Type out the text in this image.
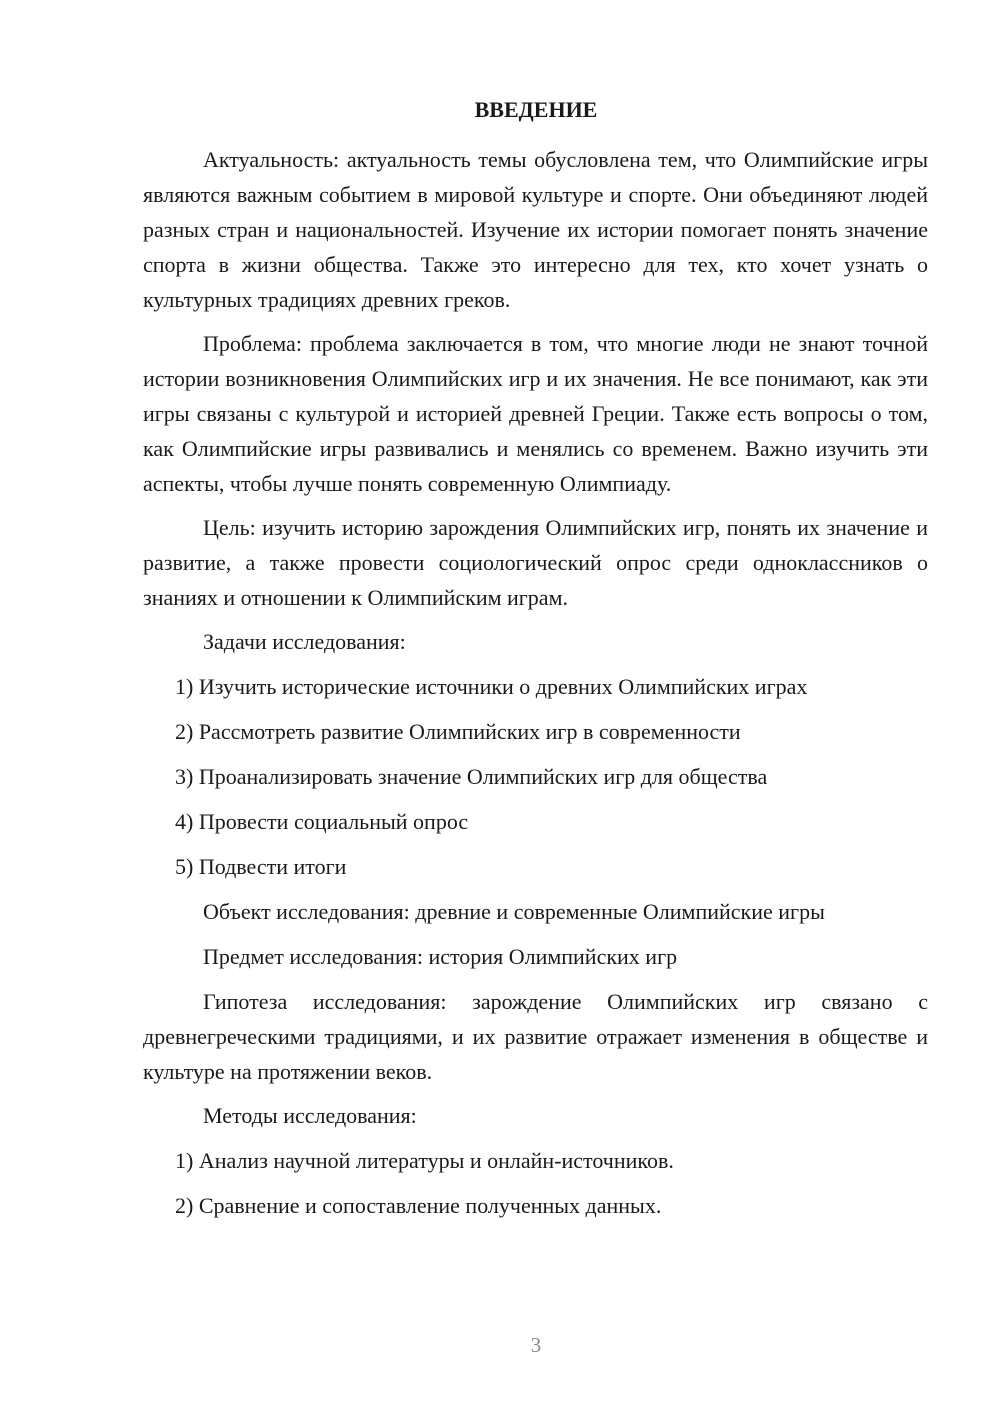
ВВЕДЕНИЕ

Актуальность: актуальность темы обусловлена тем, что Олимпийские игры являются важным событием в мировой культуре и спорте. Они объединяют людей разных стран и национальностей. Изучение их истории помогает понять значение спорта в жизни общества. Также это интересно для тех, кто хочет узнать о культурных традициях древних греков.

Проблема: проблема заключается в том, что многие люди не знают точной истории возникновения Олимпийских игр и их значения. Не все понимают, как эти игры связаны с культурой и историей древней Греции. Также есть вопросы о том, как Олимпийские игры развивались и менялись со временем. Важно изучить эти аспекты, чтобы лучше понять современную Олимпиаду.

Цель: изучить историю зарождения Олимпийских игр, понять их значение и развитие, а также провести социологический опрос среди одноклассников о знаниях и отношении к Олимпийским играм.

Задачи исследования:
1) Изучить исторические источники о древних Олимпийских играх
2) Рассмотреть развитие Олимпийских игр в современности
3) Проанализировать значение Олимпийских игр для общества
4) Провести социальный опрос
5) Подвести итоги
Объект исследования: древние и современные Олимпийские игры
Предмет исследования: история Олимпийских игр

Гипотеза исследования: зарождение Олимпийских игр связано с древнегреческими традициями, и их развитие отражает изменения в обществе и культуре на протяжении веков.

Методы исследования:
1) Анализ научной литературы и онлайн-источников.
2) Сравнение и сопоставление полученных данных.
3
